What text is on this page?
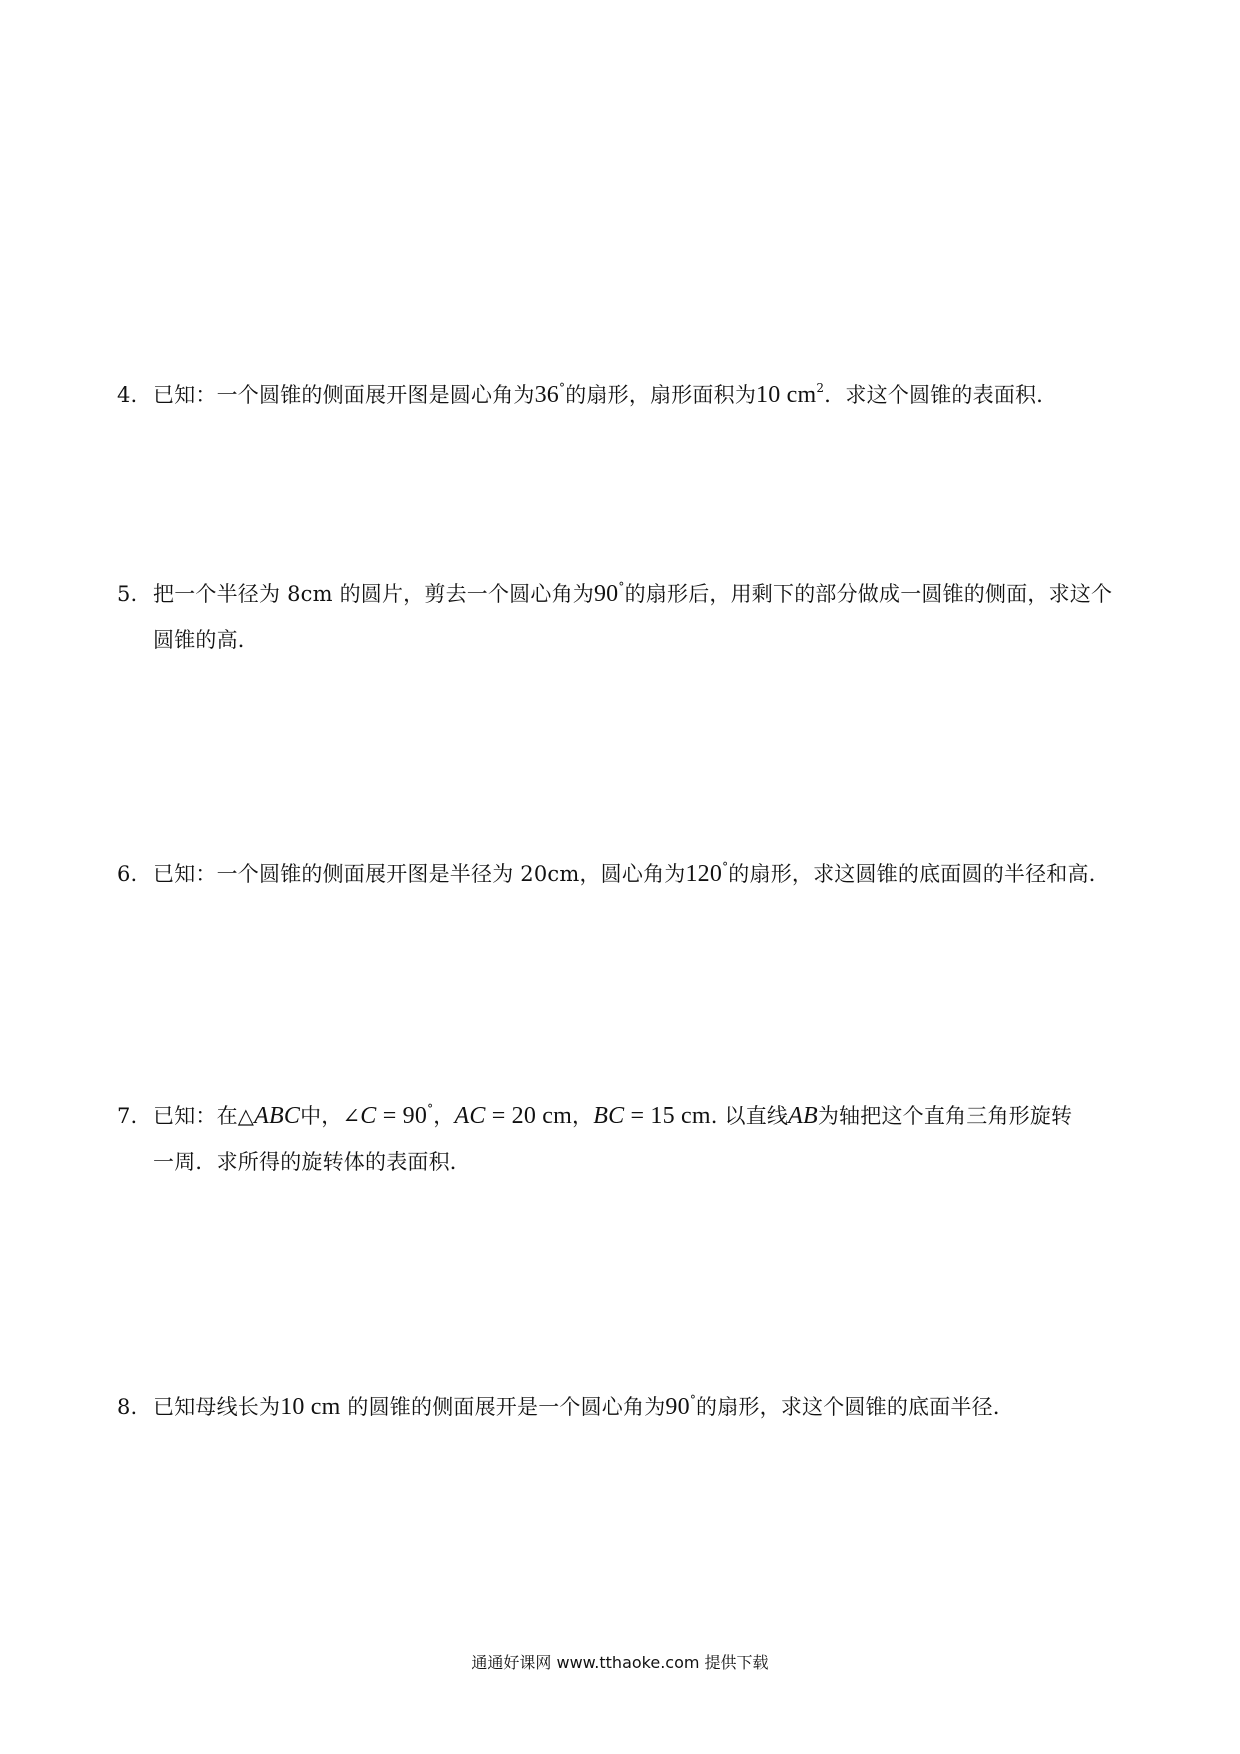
4. 已知：一个圆锥的侧面展开图是圆心角为36°的扇形，扇形面积为10 $cm^2$．求这个圆锥的表面积．
5. 把一个半径为 8cm 的圆片，剪去一个圆心角为90°的扇形后，用剩下的部分做成一圆锥的侧面，求这个
圆锥的高．
6. 已知：一个圆锥的侧面展开图是半径为 20cm，圆心角为120°的扇形，求这圆锥的底面圆的半径和高．
7. 已知：在△ABC中，∠C = 90°，AC = 20 cm，BC = 15 cm. 以直线AB为轴把这个直角三角形旋转
一周．求所得的旋转体的表面积．
8. 已知母线长为10 cm 的圆锥的侧面展开是一个圆心角为90°的扇形，求这个圆锥的底面半径．
通通好课网 www.tthaoke.com 提供下载
